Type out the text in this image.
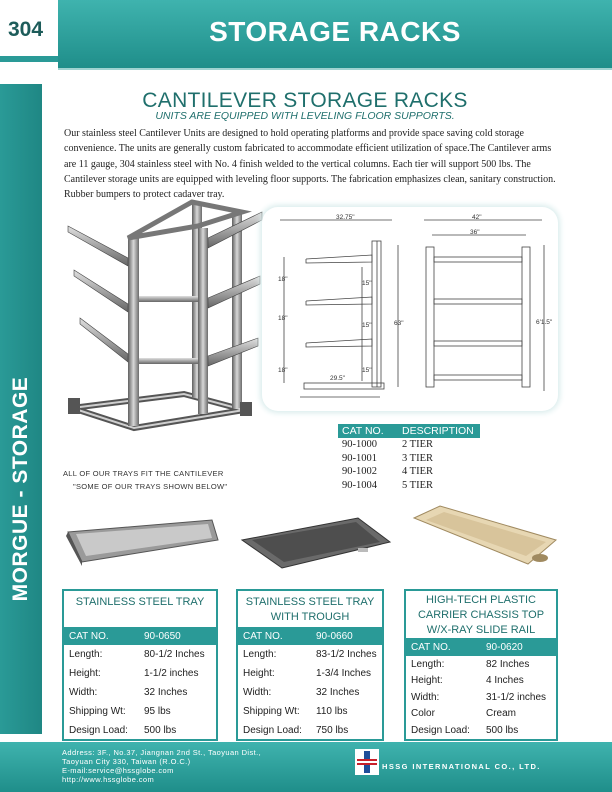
304	STORAGE RACKS
MORGUE - STORAGE
CANTILEVER STORAGE RACKS
UNITS ARE EQUIPPED WITH LEVELING FLOOR SUPPORTS.
Our stainless steel Cantilever Units are designed to hold operating platforms and provide space saving cold storage convenience. The units are generally custom fabricated to accommodate efficient utilization of space.The Cantilever arms are 11 gauge, 304 stainless steel with No. 4 finish welded to the vertical columns. Each tier will support 500 lbs. The Cantilever storage units are equipped with leveling floor supports. The fabrication emphasizes clean, sanitary construction. Rubber bumpers to protect cadaver tray.
32.75"
18"
18"
18"
15"
15"
15"
63"
29.5"
42"
36"
6'1.5"
CAT NO.	DESCRIPTION
90-1000	2 TIER
90-1001	3 TIER
90-1002	4 TIER
90-1004	5 TIER
ALL OF OUR TRAYS FIT THE CANTILEVER
"SOME OF OUR TRAYS SHOWN BELOW"
STAINLESS STEEL TRAY
CAT NO.	90-0650
Length:	80-1/2 Inches
Height:	1-1/2 inches
Width:	32 Inches
Shipping Wt:	95 lbs
Design Load:	500 lbs
STAINLESS STEEL TRAY WITH TROUGH
CAT NO.	90-0660
Length:	83-1/2 Inches
Height:	1-3/4 Inches
Width:	32 Inches
Shipping Wt:	110 lbs
Design Load:	750 lbs
HIGH-TECH PLASTIC CARRIER CHASSIS TOP W/X-RAY SLIDE RAIL
CAT NO.	90-0620
Length:	82 Inches
Height:	4 Inches
Width:	31-1/2 inches
Color	Cream
Design Load:	500 lbs
Address: 3F., No.37, Jiangnan 2nd St., Taoyuan Dist.,
Taoyuan City 330, Taiwan (R.O.C.)
E-mail:service@hssglobe.com
http://www.hssglobe.com
HSSG INTERNATIONAL CO., LTD.
